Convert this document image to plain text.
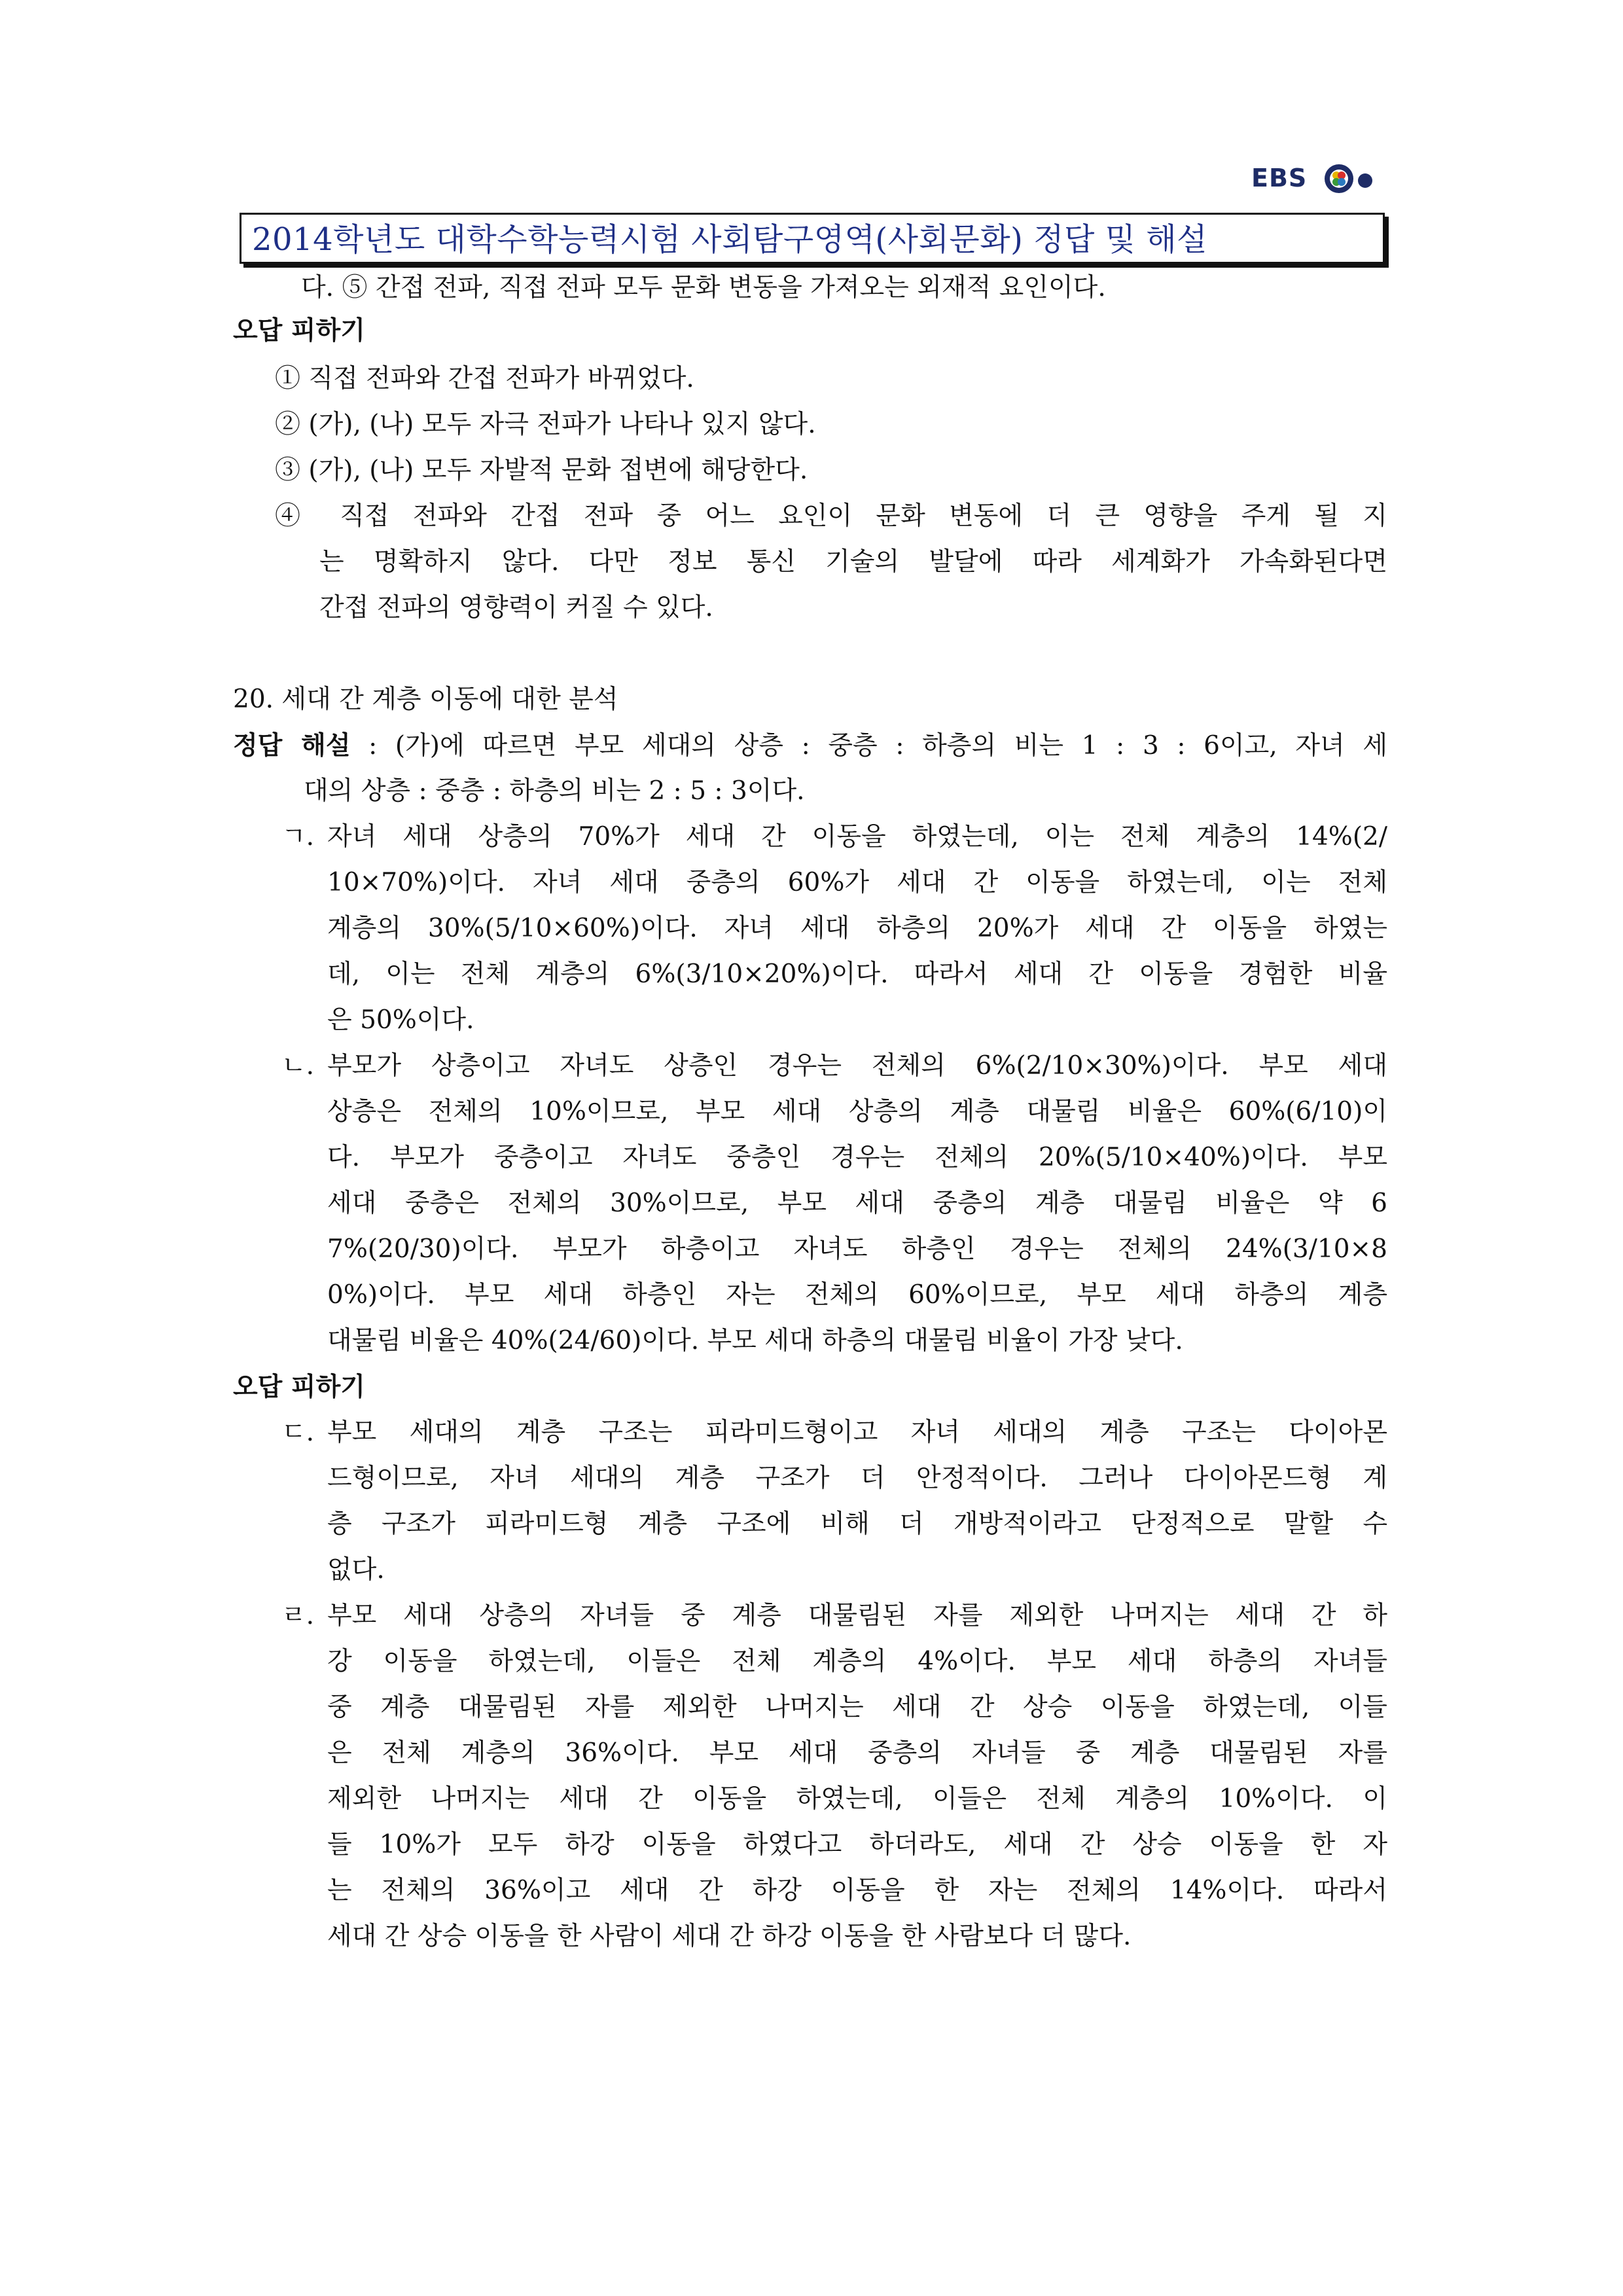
EBS
2014학년도 대학수학능력시험 사회탐구영역(사회문화) 정답 및 해설
다. ⑤ 간접 전파, 직접 전파 모두 문화 변동을 가져오는 외재적 요인이다.
오답 피하기
① 직접 전파와 간접 전파가 바뀌었다.
② (가), (나) 모두 자극 전파가 나타나 있지 않다.
③ (가), (나) 모두 자발적 문화 접변에 해당한다.
④ 직접 전파와 간접 전파 중 어느 요인이 문화 변동에 더 큰 영향을 주게 될 지
는 명확하지 않다. 다만 정보 통신 기술의 발달에 따라 세계화가 가속화된다면
간접 전파의 영향력이 커질 수 있다.
20. 세대 간 계층 이동에 대한 분석
정답 해설 : (가)에 따르면 부모 세대의 상층 : 중층 : 하층의 비는 1 : 3 : 6이고, 자녀 세
대의 상층 : 중층 : 하층의 비는 2 : 5 : 3이다.
ㄱ. 자녀 세대 상층의 70%가 세대 간 이동을 하였는데, 이는 전체 계층의 14%(2/
10×70%)이다. 자녀 세대 중층의 60%가 세대 간 이동을 하였는데, 이는 전체
계층의 30%(5/10×60%)이다. 자녀 세대 하층의 20%가 세대 간 이동을 하였는
데, 이는 전체 계층의 6%(3/10×20%)이다. 따라서 세대 간 이동을 경험한 비율
은 50%이다.
ㄴ. 부모가 상층이고 자녀도 상층인 경우는 전체의 6%(2/10×30%)이다. 부모 세대
상층은 전체의 10%이므로, 부모 세대 상층의 계층 대물림 비율은 60%(6/10)이
다. 부모가 중층이고 자녀도 중층인 경우는 전체의 20%(5/10×40%)이다. 부모
세대 중층은 전체의 30%이므로, 부모 세대 중층의 계층 대물림 비율은 약 6
7%(20/30)이다. 부모가 하층이고 자녀도 하층인 경우는 전체의 24%(3/10×8
0%)이다. 부모 세대 하층인 자는 전체의 60%이므로, 부모 세대 하층의 계층
대물림 비율은 40%(24/60)이다. 부모 세대 하층의 대물림 비율이 가장 낮다.
오답 피하기
ㄷ. 부모 세대의 계층 구조는 피라미드형이고 자녀 세대의 계층 구조는 다이아몬
드형이므로, 자녀 세대의 계층 구조가 더 안정적이다. 그러나 다이아몬드형 계
층 구조가 피라미드형 계층 구조에 비해 더 개방적이라고 단정적으로 말할 수
없다.
ㄹ. 부모 세대 상층의 자녀들 중 계층 대물림된 자를 제외한 나머지는 세대 간 하
강 이동을 하였는데, 이들은 전체 계층의 4%이다. 부모 세대 하층의 자녀들
중 계층 대물림된 자를 제외한 나머지는 세대 간 상승 이동을 하였는데, 이들
은 전체 계층의 36%이다. 부모 세대 중층의 자녀들 중 계층 대물림된 자를
제외한 나머지는 세대 간 이동을 하였는데, 이들은 전체 계층의 10%이다. 이
들 10%가 모두 하강 이동을 하였다고 하더라도, 세대 간 상승 이동을 한 자
는 전체의 36%이고 세대 간 하강 이동을 한 자는 전체의 14%이다. 따라서
세대 간 상승 이동을 한 사람이 세대 간 하강 이동을 한 사람보다 더 많다.
